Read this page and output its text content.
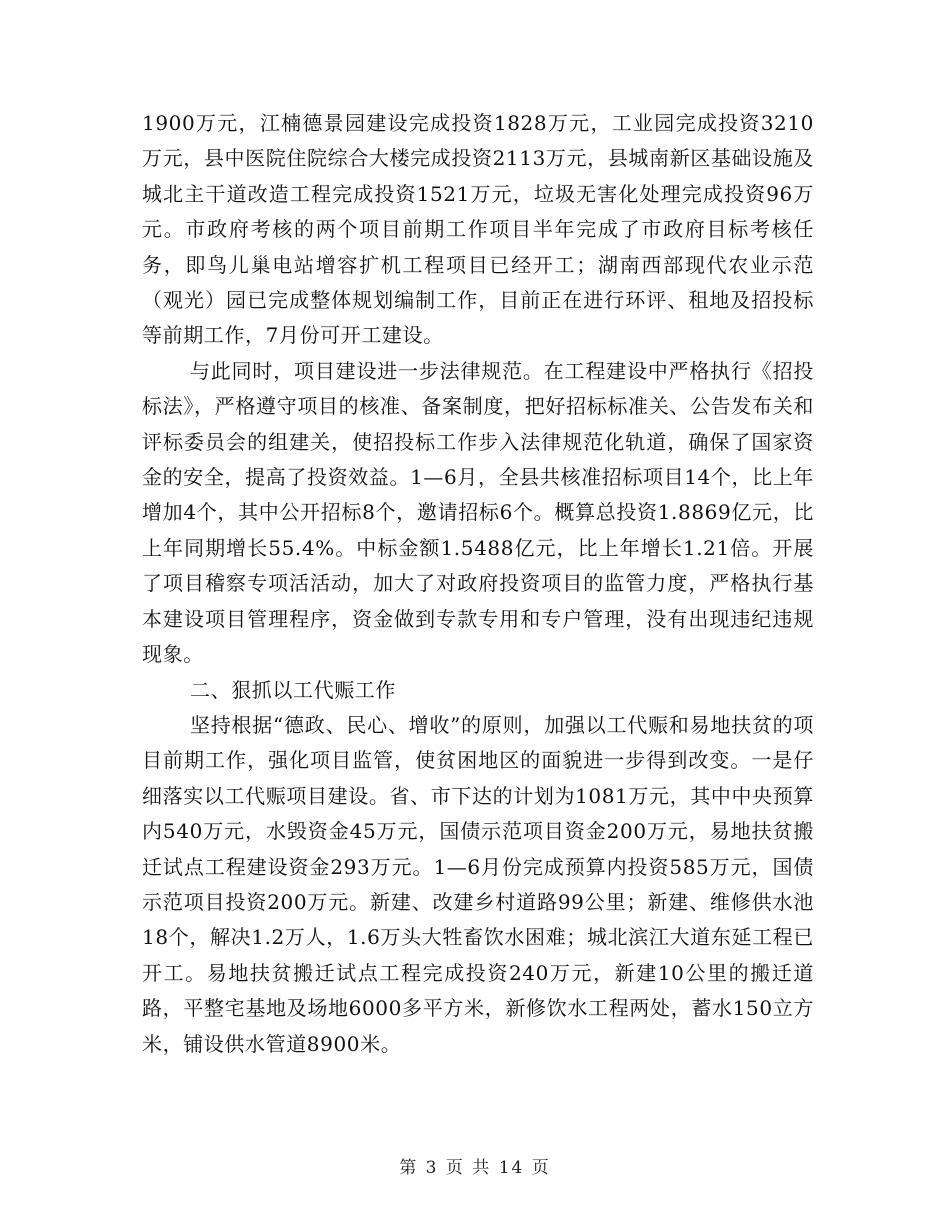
1900万元，江楠德景园建设完成投资1828万元，工业园完成投资3210万元，县中医院住院综合大楼完成投资2113万元，县城南新区基础设施及城北主干道改造工程完成投资1521万元，垃圾无害化处理完成投资96万元。市政府考核的两个项目前期工作项目半年完成了市政府目标考核任务，即鸟儿巢电站增容扩机工程项目已经开工；湖南西部现代农业示范（观光）园已完成整体规划编制工作，目前正在进行环评、租地及招投标等前期工作，7月份可开工建设。

与此同时，项目建设进一步法律规范。在工程建设中严格执行《招投标法》，严格遵守项目的核准、备案制度，把好招标标准关、公告发布关和评标委员会的组建关，使招投标工作步入法律规范化轨道，确保了国家资金的安全，提高了投资效益。1—6月，全县共核准招标项目14个，比上年增加4个，其中公开招标8个，邀请招标6个。概算总投资1.8869亿元，比上年同期增长55.4%。中标金额1.5488亿元，比上年增长1.21倍。开展了项目稽察专项活活动，加大了对政府投资项目的监管力度，严格执行基本建设项目管理程序，资金做到专款专用和专户管理，没有出现违纪违规现象。

二、狠抓以工代赈工作

坚持根据“德政、民心、增收”的原则，加强以工代赈和易地扶贫的项目前期工作，强化项目监管，使贫困地区的面貌进一步得到改变。一是仔细落实以工代赈项目建设。省、市下达的计划为1081万元，其中中央预算内540万元，水毁资金45万元，国债示范项目资金200万元，易地扶贫搬迁试点工程建设资金293万元。1—6月份完成预算内投资585万元，国债示范项目投资200万元。新建、改建乡村道路99公里；新建、维修供水池18个，解决1.2万人，1.6万头大牲畜饮水困难；城北滨江大道东延工程已开工。易地扶贫搬迁试点工程完成投资240万元，新建10公里的搬迁道路，平整宅基地及场地6000多平方米，新修饮水工程两处，蓄水150立方米，铺设供水管道8900米。

第 3 页 共 14 页
